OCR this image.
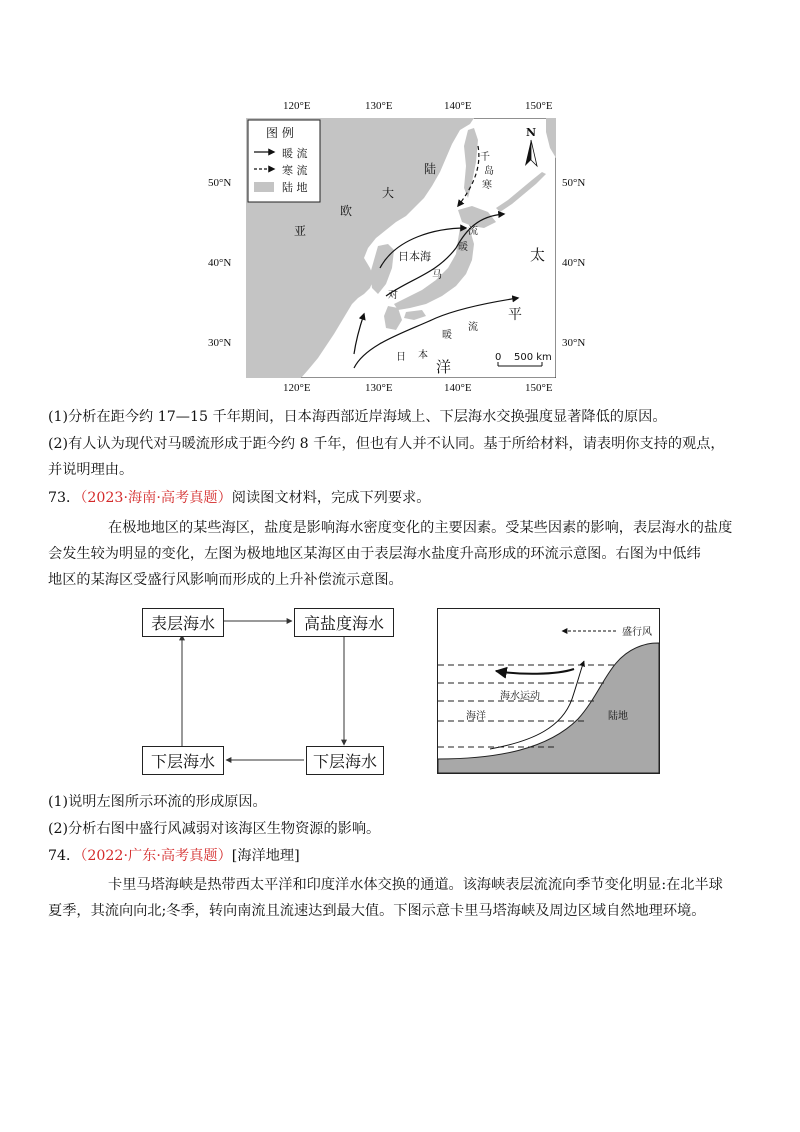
120°E	130°E	140°E	150°E
50°N
40°N
30°N
50°N
40°N
30°N
120°E	130°E	140°E	150°E
图 例
暖 流
寒 流
陆 地
N
大
陆
欧
亚
太
洋
平
日本海
千
岛
寒
流
暖
马
对
日 本
暖
流
0 500 km
(1)分析在距今约 17—15 千年期间，日本海西部近岸海域上、下层海水交换强度显著降低的原因。
(2)有人认为现代对马暖流形成于距今约 8 千年，但也有人并不认同。基于所给材料，请表明你支持的观点，
并说明理由。
73．（2023·海南·高考真题）阅读图文材料，完成下列要求。
在极地地区的某些海区，盐度是影响海水密度变化的主要因素。受某些因素的影响，表层海水的盐度
会发生较为明显的变化，左图为极地地区某海区由于表层海水盐度升高形成的环流示意图。右图为中低纬
地区的某海区受盛行风影响而形成的上升补偿流示意图。
表层海水	高盐度海水
下层海水	下层海水
盛行风
海水运动
海洋	陆地
(1)说明左图所示环流的形成原因。
(2)分析右图中盛行风减弱对该海区生物资源的影响。
74．（2022·广东·高考真题）[海洋地理]
卡里马塔海峡是热带西太平洋和印度洋水体交换的通道。该海峡表层流流向季节变化明显:在北半球
夏季，其流向向北;冬季，转向南流且流速达到最大值。下图示意卡里马塔海峡及周边区域自然地理环境。
